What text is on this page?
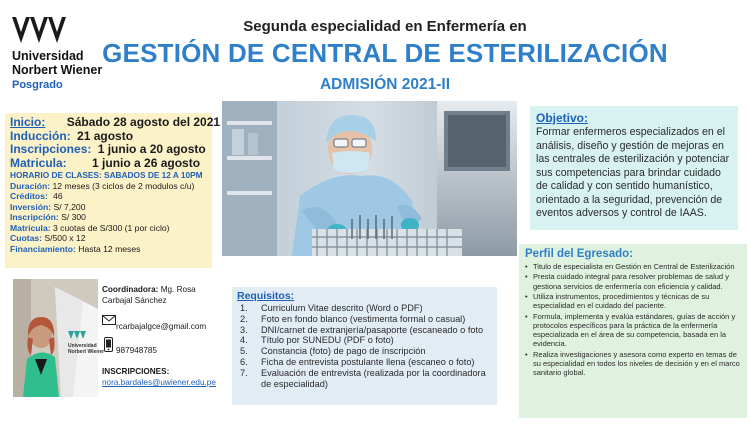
Universidad
Norbert Wiener
Posgrado
Segunda especialidad en Enfermería en
GESTIÓN DE CENTRAL DE ESTERILIZACIÓN
ADMISIÓN 2021-II
Inicio: Sábado 28 agosto del 2021
Inducción: 21 agosto
Inscripciones: 1 junio a 20 agosto
Matricula: 1 junio a 26 agosto
HORARIO DE CLASES: SABADOS DE 12 A 10PM
Duración: 12 meses (3 ciclos de 2 modulos c/u)
Créditos: 46
Inversión: S/ 7,200
Inscripción: S/ 300
Matrícula: 3 cuotas de S/300 (1 por ciclo)
Cuotas: S/500 x 12
Financiamiento: Hasta 12 meses
Objetivo:
Formar enfermeros especializados en el análisis, diseño y gestión de mejoras en las centrales de esterilización y potenciar sus competencias para brindar cuidado de calidad y con sentido humanístico, orientado a la seguridad, prevención de eventos adversos y control de IAAS.
Perfil del Egresado:
• Titulo de especialista en Gestión en Central de Esterilización
• Presta cuidado integral para resolver problemas de salud y gestiona servicios de enfermería con eficiencia y calidad.
• Utiliza instrumentos, procedimientos y técnicas de su especialidad en el cuidado del paciente.
• Formula, implementa y evalúa estándares, guías de acción y protocolos específicos para la práctica de la enfermería especializada en el área de su competencia, basada en la evidencia.
• Realiza investigaciones y asesora como experto en temas de su especialidad en todos los niveles de decisión y en el marco sanitario global.
Universidad
Norbert Wiener
Coordinadora: Mg. Rosa
Carbajal Sánchez
rcarbajalgce@gmail.com
987948785
INSCRIPCIONES:
nora.bardales@uwiener.edu.pe
Requisitos:
1. Curriculum Vitae descrito (Word o PDF)
2. Foto en fondo blanco (vestimenta formal o casual)
3. DNI/carnet de extranjería/pasaporte (escaneado o foto
4. Título por SUNEDU (PDF o foto)
5. Constancia (foto) de pago de inscripción
6. Ficha de entrevista postulante llena (escaneo o foto)
7. Evaluación de entrevista (realizada por la coordinadora
de especialidad)
